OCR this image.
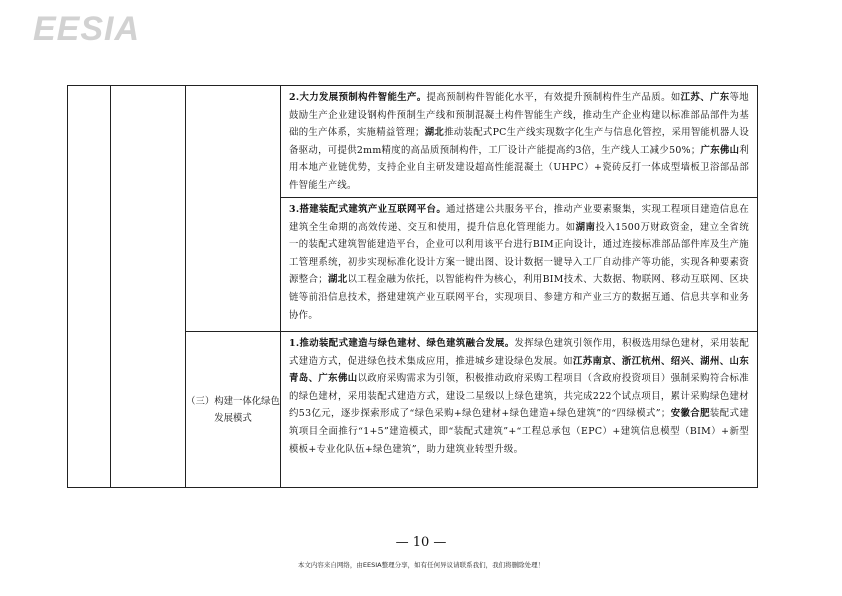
EESIA

			2.大力发展预制构件智能生产。提高预制构件智能化水平，有效提升预制构件生产品质。如江苏、广东等地鼓励生产企业建设钢构件预制生产线和预制混凝土构件智能生产线，推动生产企业构建以标准部品部件为基础的生产体系，实施精益管理；湖北推动装配式PC生产线实现数字化生产与信息化管控，采用智能机器人设备驱动，可提供2mm精度的高品质预制构件，工厂设计产能提高约3倍，生产线人工减少50%；广东佛山利用本地产业链优势，支持企业自主研发建设超高性能混凝土（UHPC）+瓷砖反打一体成型墙板卫浴部品部件智能生产线。

			3.搭建装配式建筑产业互联网平台。通过搭建公共服务平台，推动产业要素聚集，实现工程项目建造信息在建筑全生命期的高效传递、交互和使用，提升信息化管理能力。如湖南投入1500万财政资金，建立全省统一的装配式建筑智能建造平台，企业可以利用该平台进行BIM正向设计，通过连接标准部品部件库及生产施工管理系统，初步实现标准化设计方案一键出图、设计数据一键导入工厂自动排产等功能，实现各种要素资源整合；湖北以工程金融为依托，以智能构件为核心，利用BIM技术、大数据、物联网、移动互联网、区块链等前沿信息技术，搭建建筑产业互联网平台，实现项目、参建方和产业三方的数据互通、信息共享和业务协作。

		（三）构建一体化绿色发展模式	1.推动装配式建造与绿色建材、绿色建筑融合发展。发挥绿色建筑引领作用，积极选用绿色建材，采用装配式建造方式，促进绿色技术集成应用，推进城乡建设绿色发展。如江苏南京、浙江杭州、绍兴、湖州、山东青岛、广东佛山以政府采购需求为引领，积极推动政府采购工程项目（含政府投资项目）强制采购符合标准的绿色建材，采用装配式建造方式，建设二星级以上绿色建筑，共完成222个试点项目，累计采购绿色建材约53亿元，逐步探索形成了“绿色采购+绿色建材+绿色建造+绿色建筑”的“四绿模式”；安徽合肥装配式建筑项目全面推行“1+5”建造模式，即“装配式建筑”+“工程总承包（EPC）+建筑信息模型（BIM）+新型模板+专业化队伍+绿色建筑”，助力建筑业转型升级。
— 10 —
本文内容来自网络，由EESIA整理分享，如有任何异议请联系我们，我们将删除处理！
